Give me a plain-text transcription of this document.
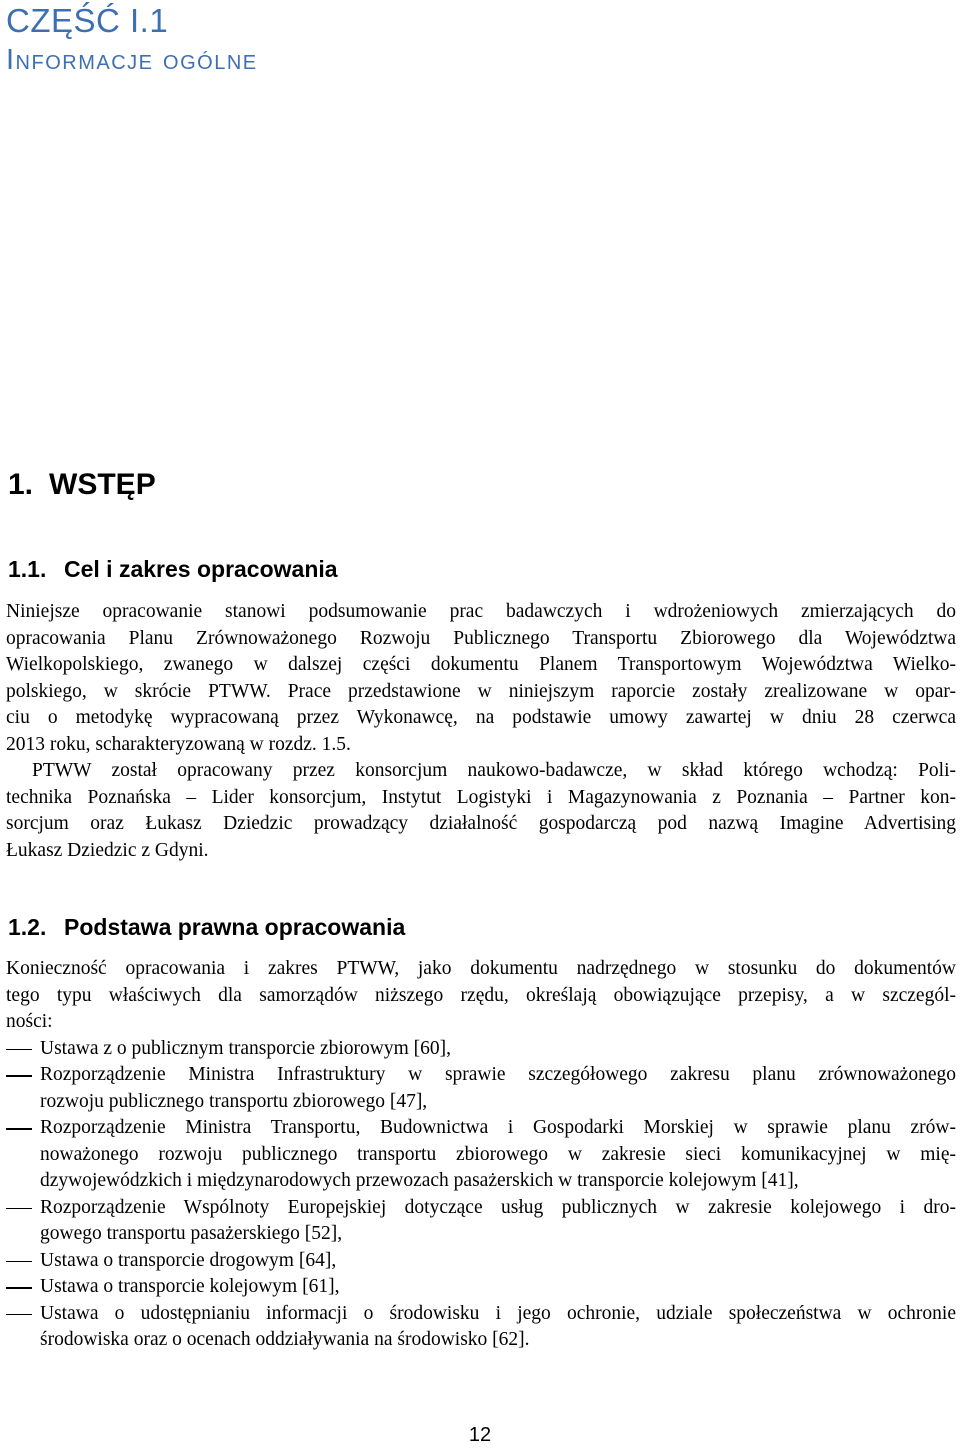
CZĘŚĆ I.1
Informacje ogólne
1. WSTĘP
1.1. Cel i zakres opracowania
Niniejsze opracowanie stanowi podsumowanie prac badawczych i wdrożeniowych zmierzających do
opracowania Planu Zrównoważonego Rozwoju Publicznego Transportu Zbiorowego dla Województwa
Wielkopolskiego, zwanego w dalszej części dokumentu Planem Transportowym Województwa Wielko-
polskiego, w skrócie PTWW. Prace przedstawione w niniejszym raporcie zostały zrealizowane w opar-
ciu o metodykę wypracowaną przez Wykonawcę, na podstawie umowy zawartej w dniu 28 czerwca
2013 roku, scharakteryzowaną w rozdz. 1.5.
PTWW został opracowany przez konsorcjum naukowo-badawcze, w skład którego wchodzą: Poli-
technika Poznańska – Lider konsorcjum, Instytut Logistyki i Magazynowania z Poznania – Partner kon-
sorcjum oraz Łukasz Dziedzic prowadzący działalność gospodarczą pod nazwą Imagine Advertising
Łukasz Dziedzic z Gdyni.
1.2. Podstawa prawna opracowania
Konieczność opracowania i zakres PTWW, jako dokumentu nadrzędnego w stosunku do dokumentów
tego typu właściwych dla samorządów niższego rzędu, określają obowiązujące przepisy, a w szczegól-
ności:
Ustawa z o publicznym transporcie zbiorowym [60],
Rozporządzenie Ministra Infrastruktury w sprawie szczegółowego zakresu planu zrównoważonego
rozwoju publicznego transportu zbiorowego [47],
Rozporządzenie Ministra Transportu, Budownictwa i Gospodarki Morskiej w sprawie planu zrów-
noważonego rozwoju publicznego transportu zbiorowego w zakresie sieci komunikacyjnej w mię-
dzywojewódzkich i międzynarodowych przewozach pasażerskich w transporcie kolejowym [41],
Rozporządzenie Wspólnoty Europejskiej dotyczące usług publicznych w zakresie kolejowego i dro-
gowego transportu pasażerskiego [52],
Ustawa o transporcie drogowym [64],
Ustawa o transporcie kolejowym [61],
Ustawa o udostępnianiu informacji o środowisku i jego ochronie, udziale społeczeństwa w ochronie
środowiska oraz o ocenach oddziaływania na środowisko [62].
12
